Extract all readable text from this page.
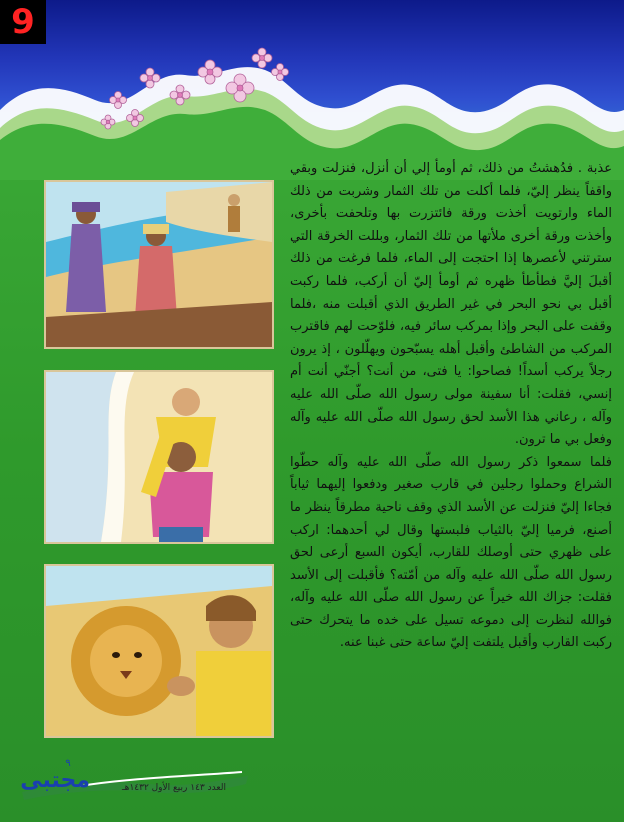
9

عذبة . فدُهشتُ من ذلك، ثم أومأ إلي أن أنزل، فنزلت وبقي واقفاً ينظر إليّ، فلما أكلت من تلك الثمار وشربت من ذلك الماء وارتويت أخذت ورقة فائتزرت بها وتلحفت بأخرى، وأخذت ورقة أخرى ملأتها من تلك الثمار، وبللت الخرقة التي سترتني لأعصرها إذا احتجت إلى الماء، فلما فرغت من ذلك أقبلَ إليَّ فطأطأ ظهره ثم أومأ إليّ أن أركب، فلما ركبت أقبل بي نحو البحر في غير الطريق الذي أقبلت منه ،فلما وقفت على البحر وإذا بمركب سائر فيه، فلوّحت لهم فاقترب المركب من الشاطئ وأقبل أهله يسبّحون ويهلّلون ، إذ يرون رجلاً يركب أسداً! فصاحوا: يا فتى، من أنت؟ أجنّي أنت أم إنسي، فقلت: أنا سفينة مولى رسول الله صلّى الله عليه وآله ، رعاني هذا الأسد لحق رسول الله صلّى الله عليه وآله وفعل بي ما ترون.

فلما سمعوا ذكر رسول الله صلّى الله عليه وآله حطّوا الشراع وحملوا رجلين في قارب صغير ودفعوا إليهما ثياباً فجاءا إليّ فنزلت عن الأسد الذي وقف ناحية مطرقاً ينظر ما أصنع، فرميا إليّ بالثياب فلبستها وقال لي أحدهما: اركب على ظهري حتى أوصلك للقارب، أيكون السبع أرعى لحق رسول الله صلّى الله عليه وآله من أمّته؟ فأقبلت إلى الأسد فقلت: جزاك الله خيراً عن رسول الله صلّى الله عليه وآله، فوالله لنظرت إلى دموعه تسيل على خده ما يتحرك حتى ركبت القارب وأقبل يلتفت إليّ ساعة حتى غبنا عنه.

٩
مجتبى	العدد ١٤٣ ربيع الأول ١٤٣٢هـ
